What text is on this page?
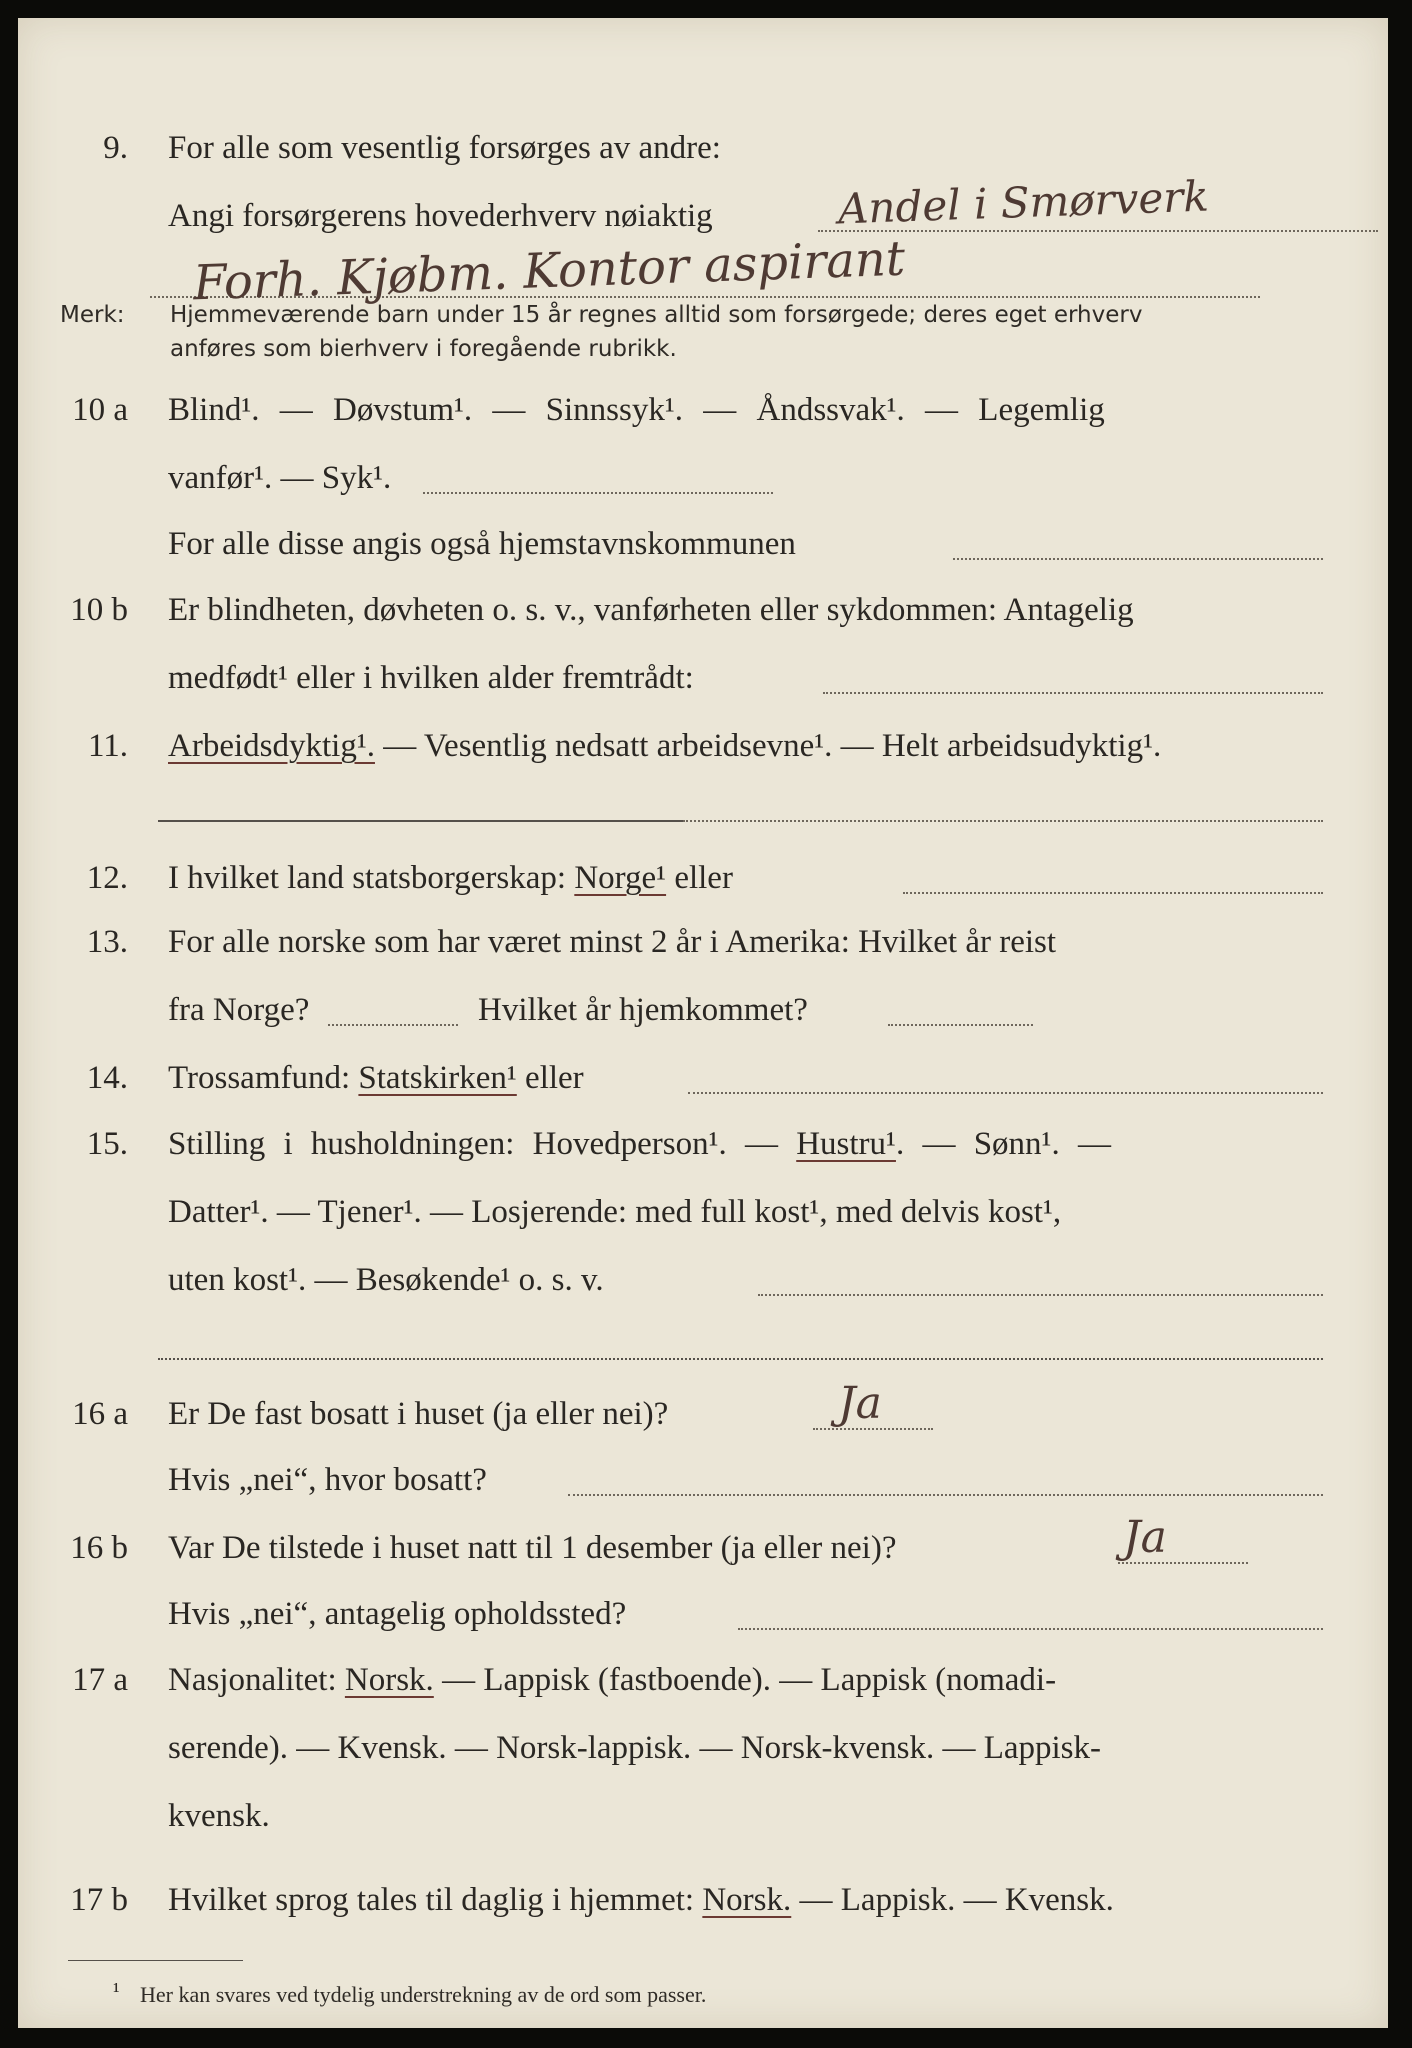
9. For alle som vesentlig forsørges av andre:
Angi forsørgerens hovederhverv nøiaktig	Andel i Smørverk
Forh. Kjøbm. Kontor aspirant
Merk: Hjemmeværende barn under 15 år regnes alltid som forsørgede; deres eget erhverv
anføres som bierhverv i foregående rubrikk.
10 a Blind¹. — Døvstum¹. — Sinnssyk¹. — Åndssvak¹. — Legemlig
vanfør¹. — Syk¹.
For alle disse angis også hjemstavnskommunen
10 b Er blindheten, døvheten o. s. v., vanførheten eller sykdommen: Antagelig
medfødt¹ eller i hvilken alder fremtrådt:
11. Arbeidsdyktig¹. — Vesentlig nedsatt arbeidsevne¹. — Helt arbeidsudyktig¹.
12. I hvilket land statsborgerskap: Norge¹ eller
13. For alle norske som har været minst 2 år i Amerika: Hvilket år reist
fra Norge?	Hvilket år hjemkommet?
14. Trossamfund: Statskirken¹ eller
15. Stilling i husholdningen: Hovedperson¹. — Hustru¹. — Sønn¹. —
Datter¹. — Tjener¹. — Losjerende: med full kost¹, med delvis kost¹,
uten kost¹. — Besøkende¹ o. s. v.
16 a Er De fast bosatt i huset (ja eller nei)?	Ja
Hvis „nei“, hvor bosatt?
16 b Var De tilstede i huset natt til 1 desember (ja eller nei)?	Ja
Hvis „nei“, antagelig opholdssted?
17 a Nasjonalitet: Norsk. — Lappisk (fastboende). — Lappisk (nomadi-
serende). — Kvensk. — Norsk-lappisk. — Norsk-kvensk. — Lappisk-
kvensk.
17 b Hvilket sprog tales til daglig i hjemmet: Norsk. — Lappisk. — Kvensk.
¹ Her kan svares ved tydelig understrekning av de ord som passer.
